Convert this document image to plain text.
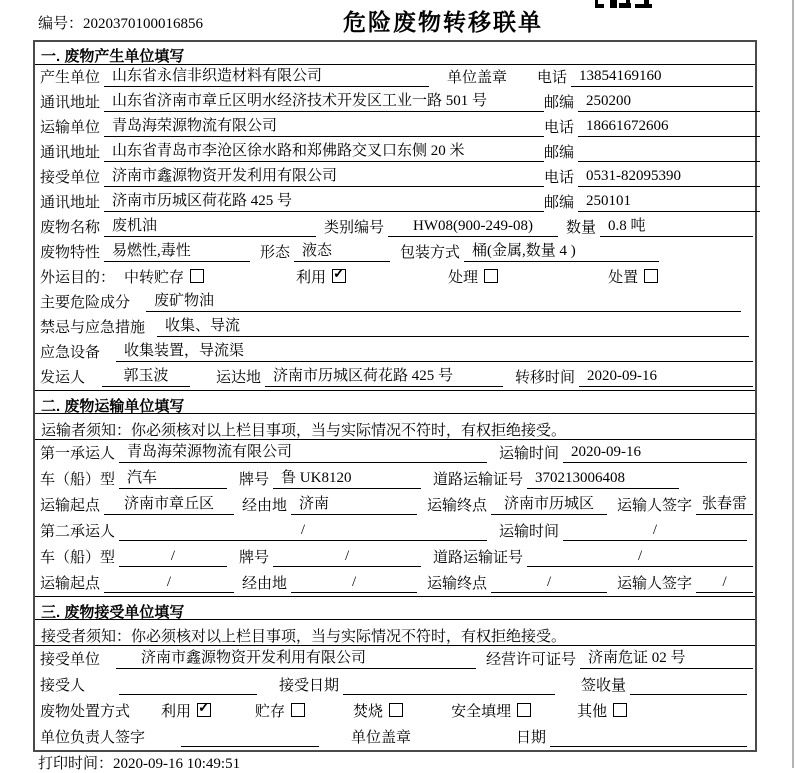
编号：2020370100016856	危险废物转移联单
一. 废物产生单位填写
产生单位 山东省永信非织造材料有限公司	单位盖章 电话 13854169160
通讯地址 山东省济南市章丘区明水经济技术开发区工业一路 501 号	邮编 250200
运输单位 青岛海荣源物流有限公司	电话 18661672606
通讯地址 山东省青岛市李沧区徐水路和郑佛路交叉口东侧 20 米	邮编
接受单位 济南市鑫源物资开发利用有限公司	电话 0531-82095390
通讯地址 济南市历城区荷花路 425 号	邮编 250101
废物名称 废机油	类别编号	HW08(900-249-08)	数量 0.8 吨
废物特性 易燃性,毒性	形态 液态	包装方式 桶(金属,数量 4 )
外运目的： 中转贮存	利用 ✓	处理	处置
主要危险成分	废矿物油
禁忌与应急措施	收集、导流
应急设备	收集装置，导流渠
发运人	郭玉波	运达地 济南市历城区荷花路 425 号	转移时间 2020-09-16
二. 废物运输单位填写
运输者须知：你必须核对以上栏目事项，当与实际情况不符时，有权拒绝接受。
第一承运人 青岛海荣源物流有限公司	运输时间 2020-09-16
车（船）型 汽车	牌号 鲁 UK8120	道路运输证号 370213006408
运输起点	济南市章丘区	经由地 济南	运输终点	济南市历城区	运输人签字 张春雷
第二承运人	/	运输时间	/
车（船）型	/	牌号	/	道路运输证号	/
运输起点	/	经由地	/	运输终点	/	运输人签字	/
三. 废物接受单位填写
接受者须知：你必须核对以上栏目事项，当与实际情况不符时，有权拒绝接受。
接受单位	济南市鑫源物资开发利用有限公司	经营许可证号 济南危证 02 号
接受人	接受日期	签收量
废物处置方式 利用 ✓	贮存	焚烧	安全填埋	其他
单位负责人签字	单位盖章	日期
打印时间：2020-09-16 10:49:51
